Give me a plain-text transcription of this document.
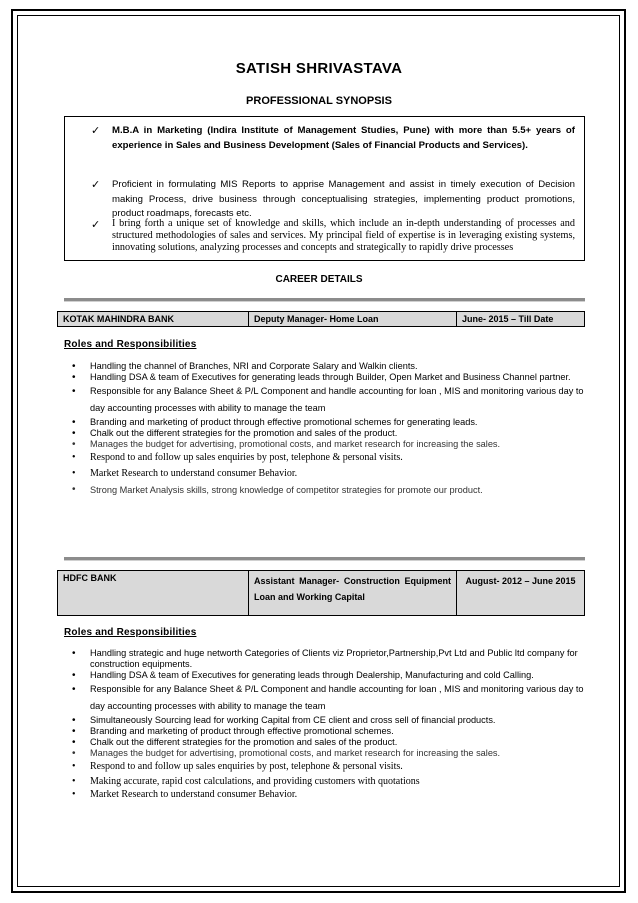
SATISH SHRIVASTAVA
PROFESSIONAL SYNOPSIS
✓ M.B.A in Marketing (Indira Institute of Management Studies, Pune) with more than 5.5+ years of experience in Sales and Business Development (Sales of Financial Products and Services).
✓ Proficient in formulating MIS Reports to apprise Management and assist in timely execution of Decision making Process, drive business through conceptualising strategies, implementing product promotions, product roadmaps, forecasts etc.
✓ I bring forth a unique set of knowledge and skills, which include an in-depth understanding of processes and structured methodologies of sales and services. My principal field of expertise is in leveraging existing systems, innovating solutions, analyzing processes and concepts and strategically to rapidly drive processes
CAREER DETAILS
KOTAK MAHINDRA BANK	Deputy Manager- Home Loan	June- 2015 – Till Date
Roles and Responsibilities
• Handling the channel of Branches, NRI and Corporate Salary and Walkin clients.
• Handling DSA & team of Executives for generating leads through Builder, Open Market and Business Channel partner.
• Responsible for any Balance Sheet & P/L Component and handle accounting for loan , MIS and monitoring various day to day accounting processes with ability to manage the team
• Branding and marketing of product through effective promotional schemes for generating leads.
• Chalk out the different strategies for the promotion and sales of the product.
• Manages the budget for advertising, promotional costs, and market research for increasing the sales.
• Respond to and follow up sales enquiries by post, telephone & personal visits.
• Market Research to understand consumer Behavior.
• Strong Market Analysis skills, strong knowledge of competitor strategies for promote our product.
HDFC BANK	Assistant Manager- Construction Equipment Loan and Working Capital	August- 2012 – June 2015
Roles and Responsibilities
• Handling strategic and huge networth Categories of Clients viz Proprietor,Partnership,Pvt Ltd and Public ltd company for construction equipments.
• Handling DSA & team of Executives for generating leads through Dealership, Manufacturing and cold Calling.
• Responsible for any Balance Sheet & P/L Component and handle accounting for loan , MIS and monitoring various day to day accounting processes with ability to manage the team
• Simultaneously Sourcing lead for working Capital from CE client and cross sell of financial products.
• Branding and marketing of product through effective promotional schemes.
• Chalk out the different strategies for the promotion and sales of the product.
• Manages the budget for advertising, promotional costs, and market research for increasing the sales.
• Respond to and follow up sales enquiries by post, telephone & personal visits.
• Making accurate, rapid cost calculations, and providing customers with quotations
• Market Research to understand consumer Behavior.
